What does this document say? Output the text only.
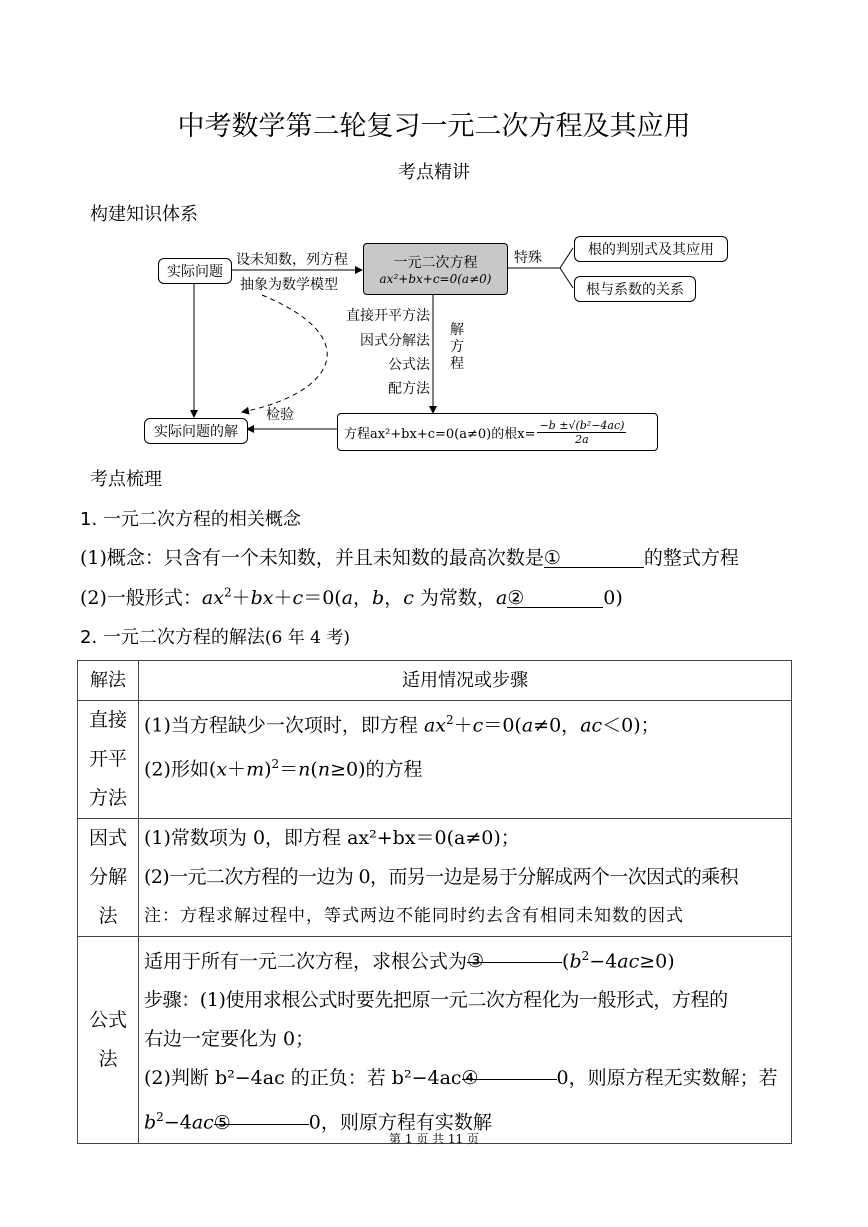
中考数学第二轮复习一元二次方程及其应用
考点精讲
构建知识体系
实际问题
设未知数，列方程
抽象为数学模型
一元二次方程
ax²+bx+c=0(a≠0)
特殊	根的判别式及其应用
根与系数的关系
直接开平方法
因式分解法
公式法
配方法
解方程
检验
实际问题的解	方程ax²+bx+c=0(a≠0)的根$x= \frac{\text{−b ±√(b²−4ac)}}{2a}$
考点梳理
1. 一元二次方程的相关概念
(1)概念：只含有一个未知数，并且未知数的最高次数是①	的整式方程
(2)一般形式：$ax^2+bx+c=0(a$，b，c 为常数，a②	0)
2. 一元二次方程的解法(6 年 4 考)
解法	适用情况或步骤
直接开平方法	(1)当方程缺少一次项时，即方程 $ax^2+c=0(a\ne 0$，ac＜0)；
(2)形如$(x+m)^2=n(n\ge 0)$的方程
因式分解法	(1)常数项为 0，即方程 ax²+bx＝0(a≠0)；
(2)一元二次方程的一边为 0，而另一边是易于分解成两个一次因式的乘积
注：方程求解过程中，等式两边不能同时约去含有相同未知数的因式

公式法	适用于所有一元二次方程，求根公式为③ $(b^2-4ac\ge 0)$
步骤：(1)使用求根公式时要先把原一元二次方程化为一般形式，方程的
右边一定要化为 0；
(2)判断 b²−4ac 的正负：若 b²−4ac④ 0，则原方程无实数解；若
$b^2-4ac⑤$ 0，则原方程有实数解
第 1 页 共 11 页
